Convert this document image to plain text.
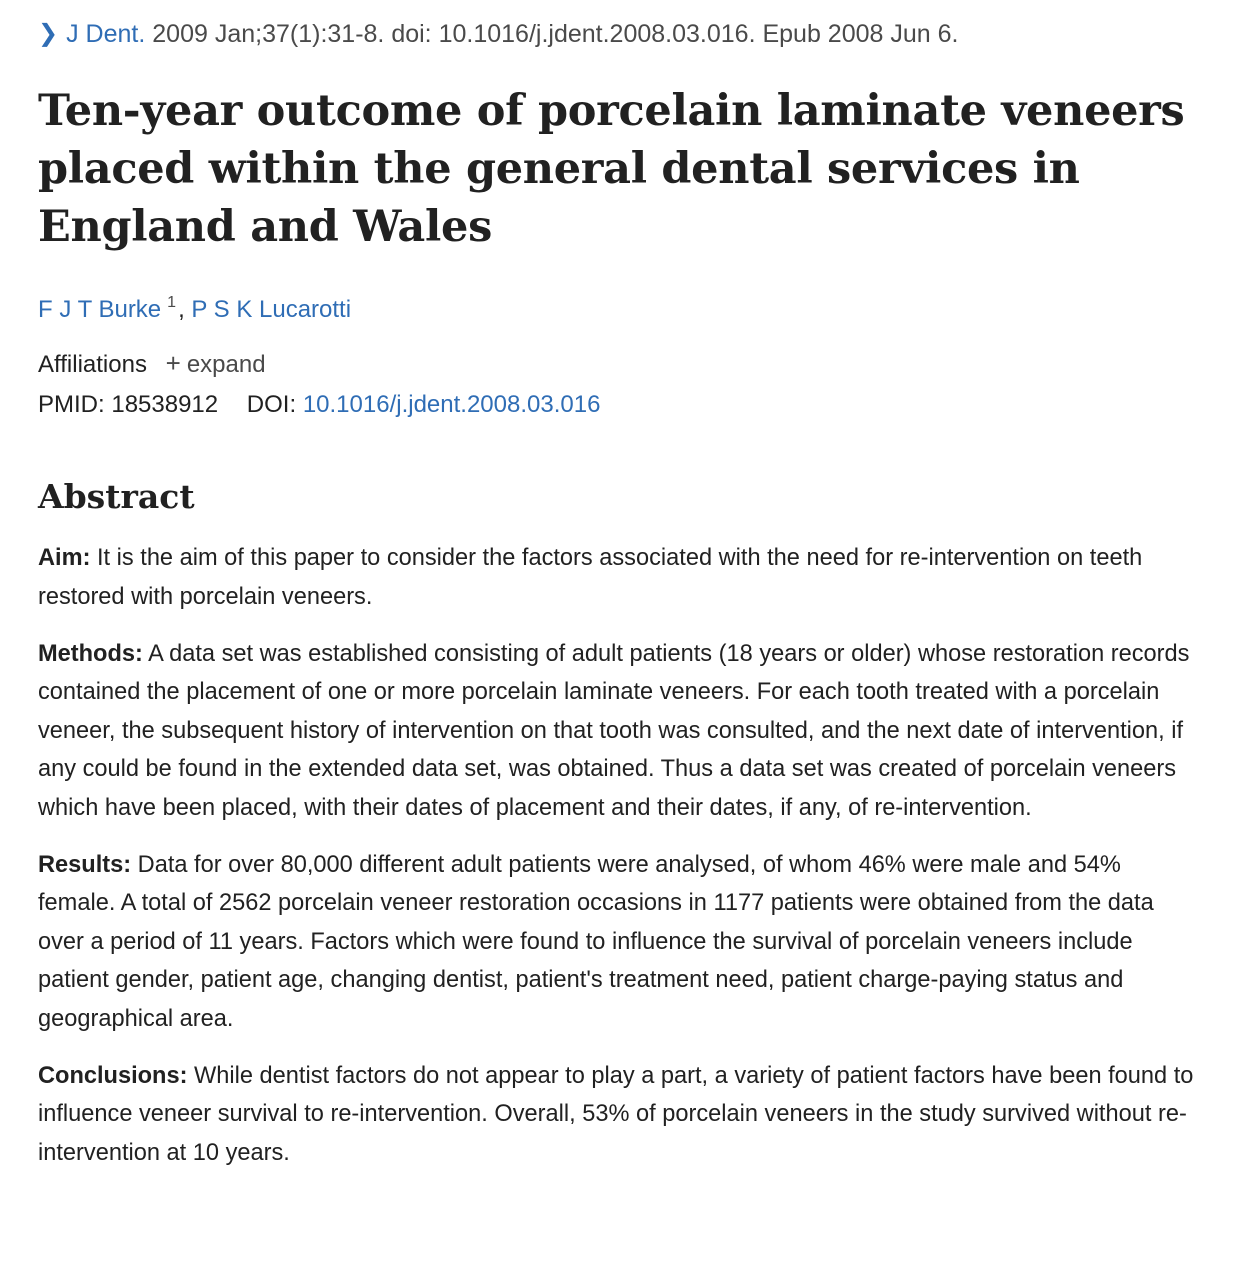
❯ J Dent. 2009 Jan;37(1):31-8. doi: 10.1016/j.jdent.2008.03.016. Epub 2008 Jun 6.
Ten-year outcome of porcelain laminate veneers placed within the general dental services in England and Wales
F J T Burke $^1$, P S K Lucarotti
Affiliations + expand
PMID: 18538912 DOI: 10.1016/j.jdent.2008.03.016
Abstract

Aim: It is the aim of this paper to consider the factors associated with the need for re-intervention on teeth restored with porcelain veneers.

Methods: A data set was established consisting of adult patients (18 years or older) whose restoration records contained the placement of one or more porcelain laminate veneers. For each tooth treated with a porcelain veneer, the subsequent history of intervention on that tooth was consulted, and the next date of intervention, if any could be found in the extended data set, was obtained. Thus a data set was created of porcelain veneers which have been placed, with their dates of placement and their dates, if any, of re-intervention.

Results: Data for over 80,000 different adult patients were analysed, of whom 46% were male and 54% female. A total of 2562 porcelain veneer restoration occasions in 1177 patients were obtained from the data over a period of 11 years. Factors which were found to influence the survival of porcelain veneers include patient gender, patient age, changing dentist, patient's treatment need, patient charge-paying status and geographical area.

Conclusions: While dentist factors do not appear to play a part, a variety of patient factors have been found to influence veneer survival to re-intervention. Overall, 53% of porcelain veneers in the study survived without re-intervention at 10 years.
